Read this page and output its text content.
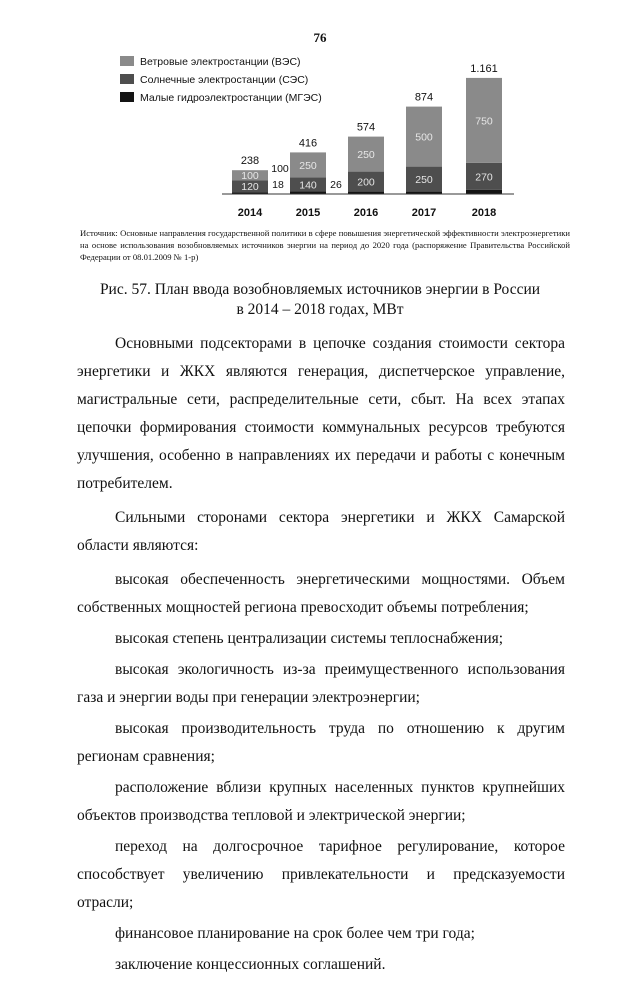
76
Ветровые электростанции (ВЭС)
Солнечные электростанции (СЭС)
Малые гидроэлектростанции (МГЭС)
120
100
238
2014
18 140
250
416
2015
26 200
250
574
2016
250
500
874
2017
270
750
1.161
2018
100
Источник: Основные направления государственной политики в сфере повышения энергетической эффективности электроэнергетики на основе использования возобновляемых источников энергии на период до 2020 года (распоряжение Правительства Российской Федерации от 08.01.2009 № 1-р)
Рис. 57. План ввода возобновляемых источников энергии в России
в 2014 – 2018 годах, МВт

Основными подсекторами в цепочке создания стоимости сектора энергетики и ЖКХ являются генерация, диспетчерское управление, магистральные сети, распределительные сети, сбыт. На всех этапах цепочки формирования стоимости коммунальных ресурсов требуются улучшения, особенно в направлениях их передачи и работы с конечным потребителем.

Сильными сторонами сектора энергетики и ЖКХ Самарской области являются:

высокая обеспеченность энергетическими мощностями. Объем собственных мощностей региона превосходит объемы потребления;

высокая степень централизации системы теплоснабжения;

высокая экологичность из-за преимущественного использования газа и энергии воды при генерации электроэнергии;

высокая производительность труда по отношению к другим регионам сравнения;

расположение вблизи крупных населенных пунктов крупнейших объектов производства тепловой и электрической энергии;

переход на долгосрочное тарифное регулирование, которое способствует увеличению привлекательности и предсказуемости отрасли;

финансовое планирование на срок более чем три года;

заключение концессионных соглашений.
